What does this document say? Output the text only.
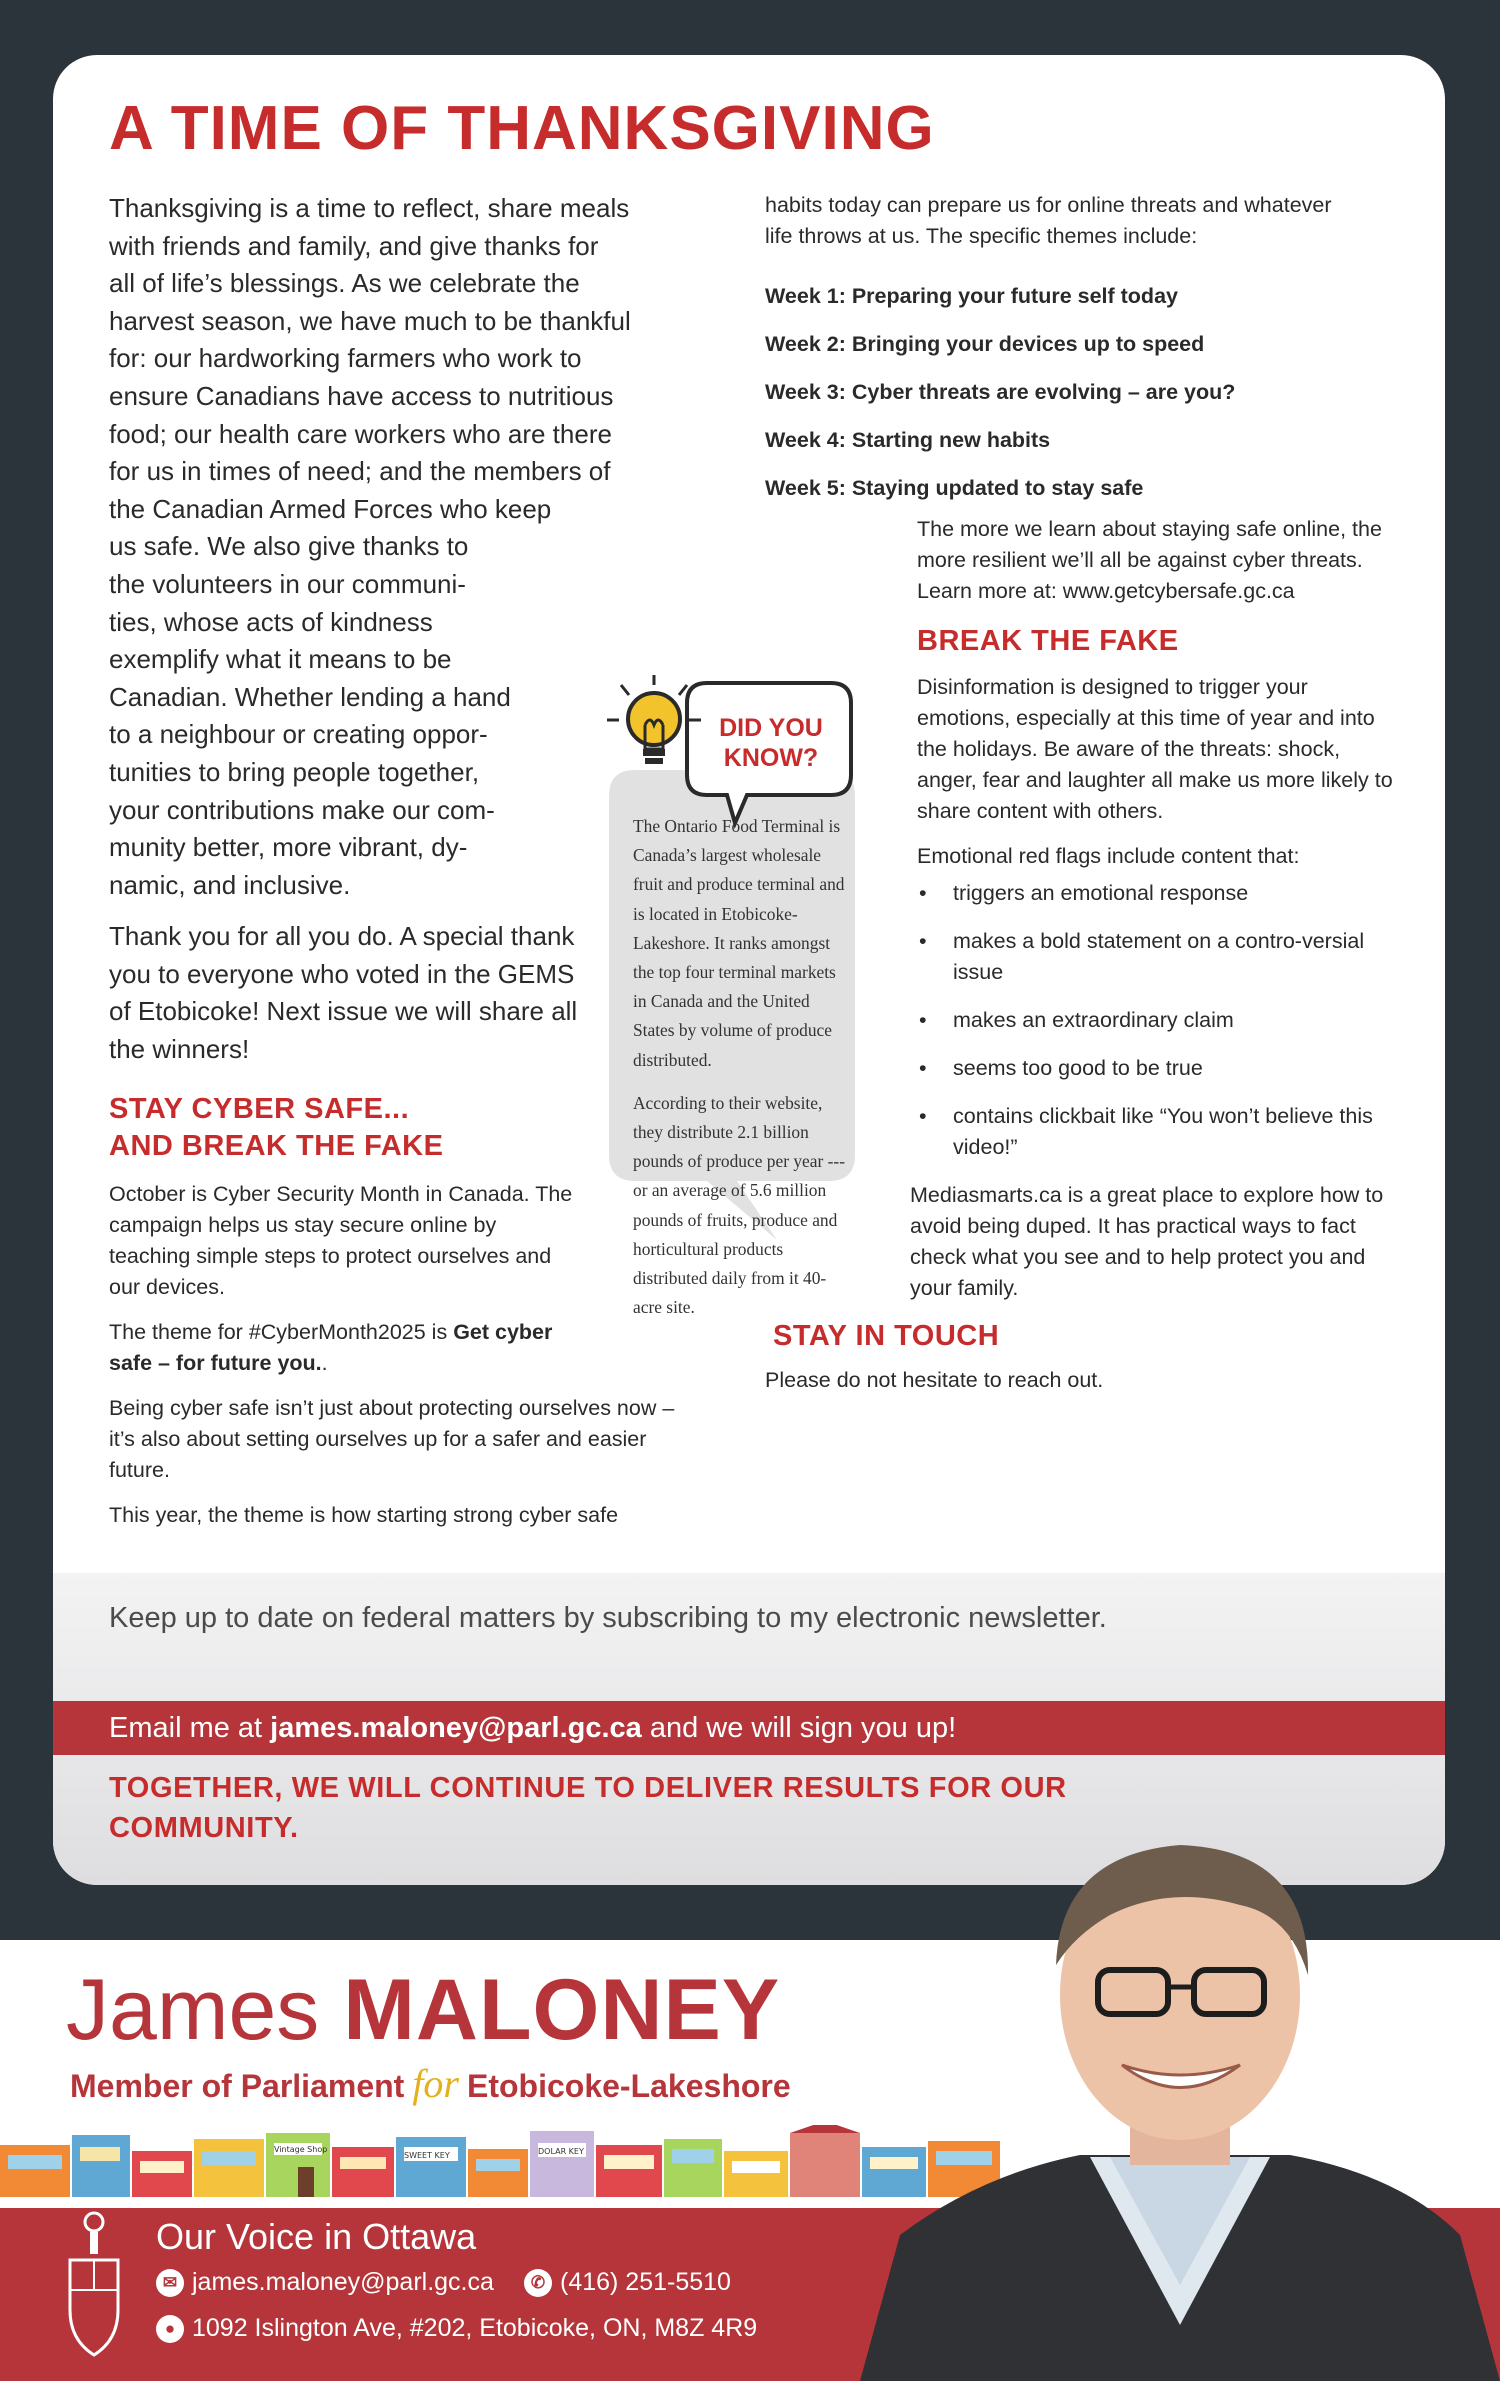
A TIME OF THANKSGIVING

Thanksgiving is a time to reflect, share meals
with friends and family, and give thanks for
all of life’s blessings. As we celebrate the
harvest season, we have much to be thankful
for: our hardworking farmers who work to
ensure Canadians have access to nutritious
food; our health care workers who are there
for us in times of need; and the members of
the Canadian Armed Forces who keep
us safe. We also give thanks to
the volunteers in our communi-
ties, whose acts of kindness
exemplify what it means to be
Canadian. Whether lending a hand
to a neighbour or creating oppor-
tunities to bring people together,
your contributions make our com-
munity better, more vibrant, dy-
namic, and inclusive.

Thank you for all you do. A special thank you to everyone who voted in the GEMS of Etobicoke! Next issue we will share all the winners!

STAY CYBER SAFE...
AND BREAK THE FAKE

October is Cyber Security Month in Canada. The campaign helps us stay secure online by teaching simple steps to protect ourselves and our devices.

The theme for #CyberMonth2025 is Get cyber safe – for future you..

Being cyber safe isn’t just about protecting ourselves now – it’s also about setting ourselves up for a safer and easier future.

This year, the theme is how starting strong cyber safe

habits today can prepare us for online threats and whatever life throws at us. The specific themes include:

Week 1: Preparing your future self today
Week 2: Bringing your devices up to speed
Week 3: Cyber threats are evolving – are you?
Week 4: Starting new habits
Week 5: Staying updated to stay safe

The more we learn about staying safe online, the more resilient we’ll all be against cyber threats. Learn more at: www.getcybersafe.gc.ca

BREAK THE FAKE

Disinformation is designed to trigger your emotions, especially at this time of year and into the holidays. Be aware of the threats: shock, anger, fear and laughter all make us more likely to share content with others.

Emotional red flags include content that:

• triggers an emotional response
• makes a bold statement on a contro-versial issue
• makes an extraordinary claim
• seems too good to be true
• contains clickbait like “You won’t believe this video!”

Mediasmarts.ca is a great place to explore how to avoid being duped. It has practical ways to fact check what you see and to help protect you and your family.

STAY IN TOUCH

Please do not hesitate to reach out.

DID YOU
KNOW?

The Ontario Food Terminal is Canada’s largest wholesale fruit and produce terminal and is located in Etobicoke-Lakeshore. It ranks amongst the top four terminal markets in Canada and the United States by volume of produce distributed.

According to their website, they distribute 2.1 billion pounds of produce per year --- or an average of 5.6 million pounds of fruits, produce and horticultural products distributed daily from it 40-acre site.

Keep up to date on federal matters by subscribing to my electronic newsletter.

Email me at james.maloney@parl.gc.ca and we will sign you up!

TOGETHER, WE WILL CONTINUE TO DELIVER RESULTS FOR OUR COMMUNITY.

James MALONEY

Member of Parliament for Etobicoke-Lakeshore

SWEET KEY	DOLAR KEY
Vintage Shop

Our Voice in Ottawa

✉ james.maloney@parl.gc.ca	✆ (416) 251-5510

● 1092 Islington Ave, #202, Etobicoke, ON, M8Z 4R9
